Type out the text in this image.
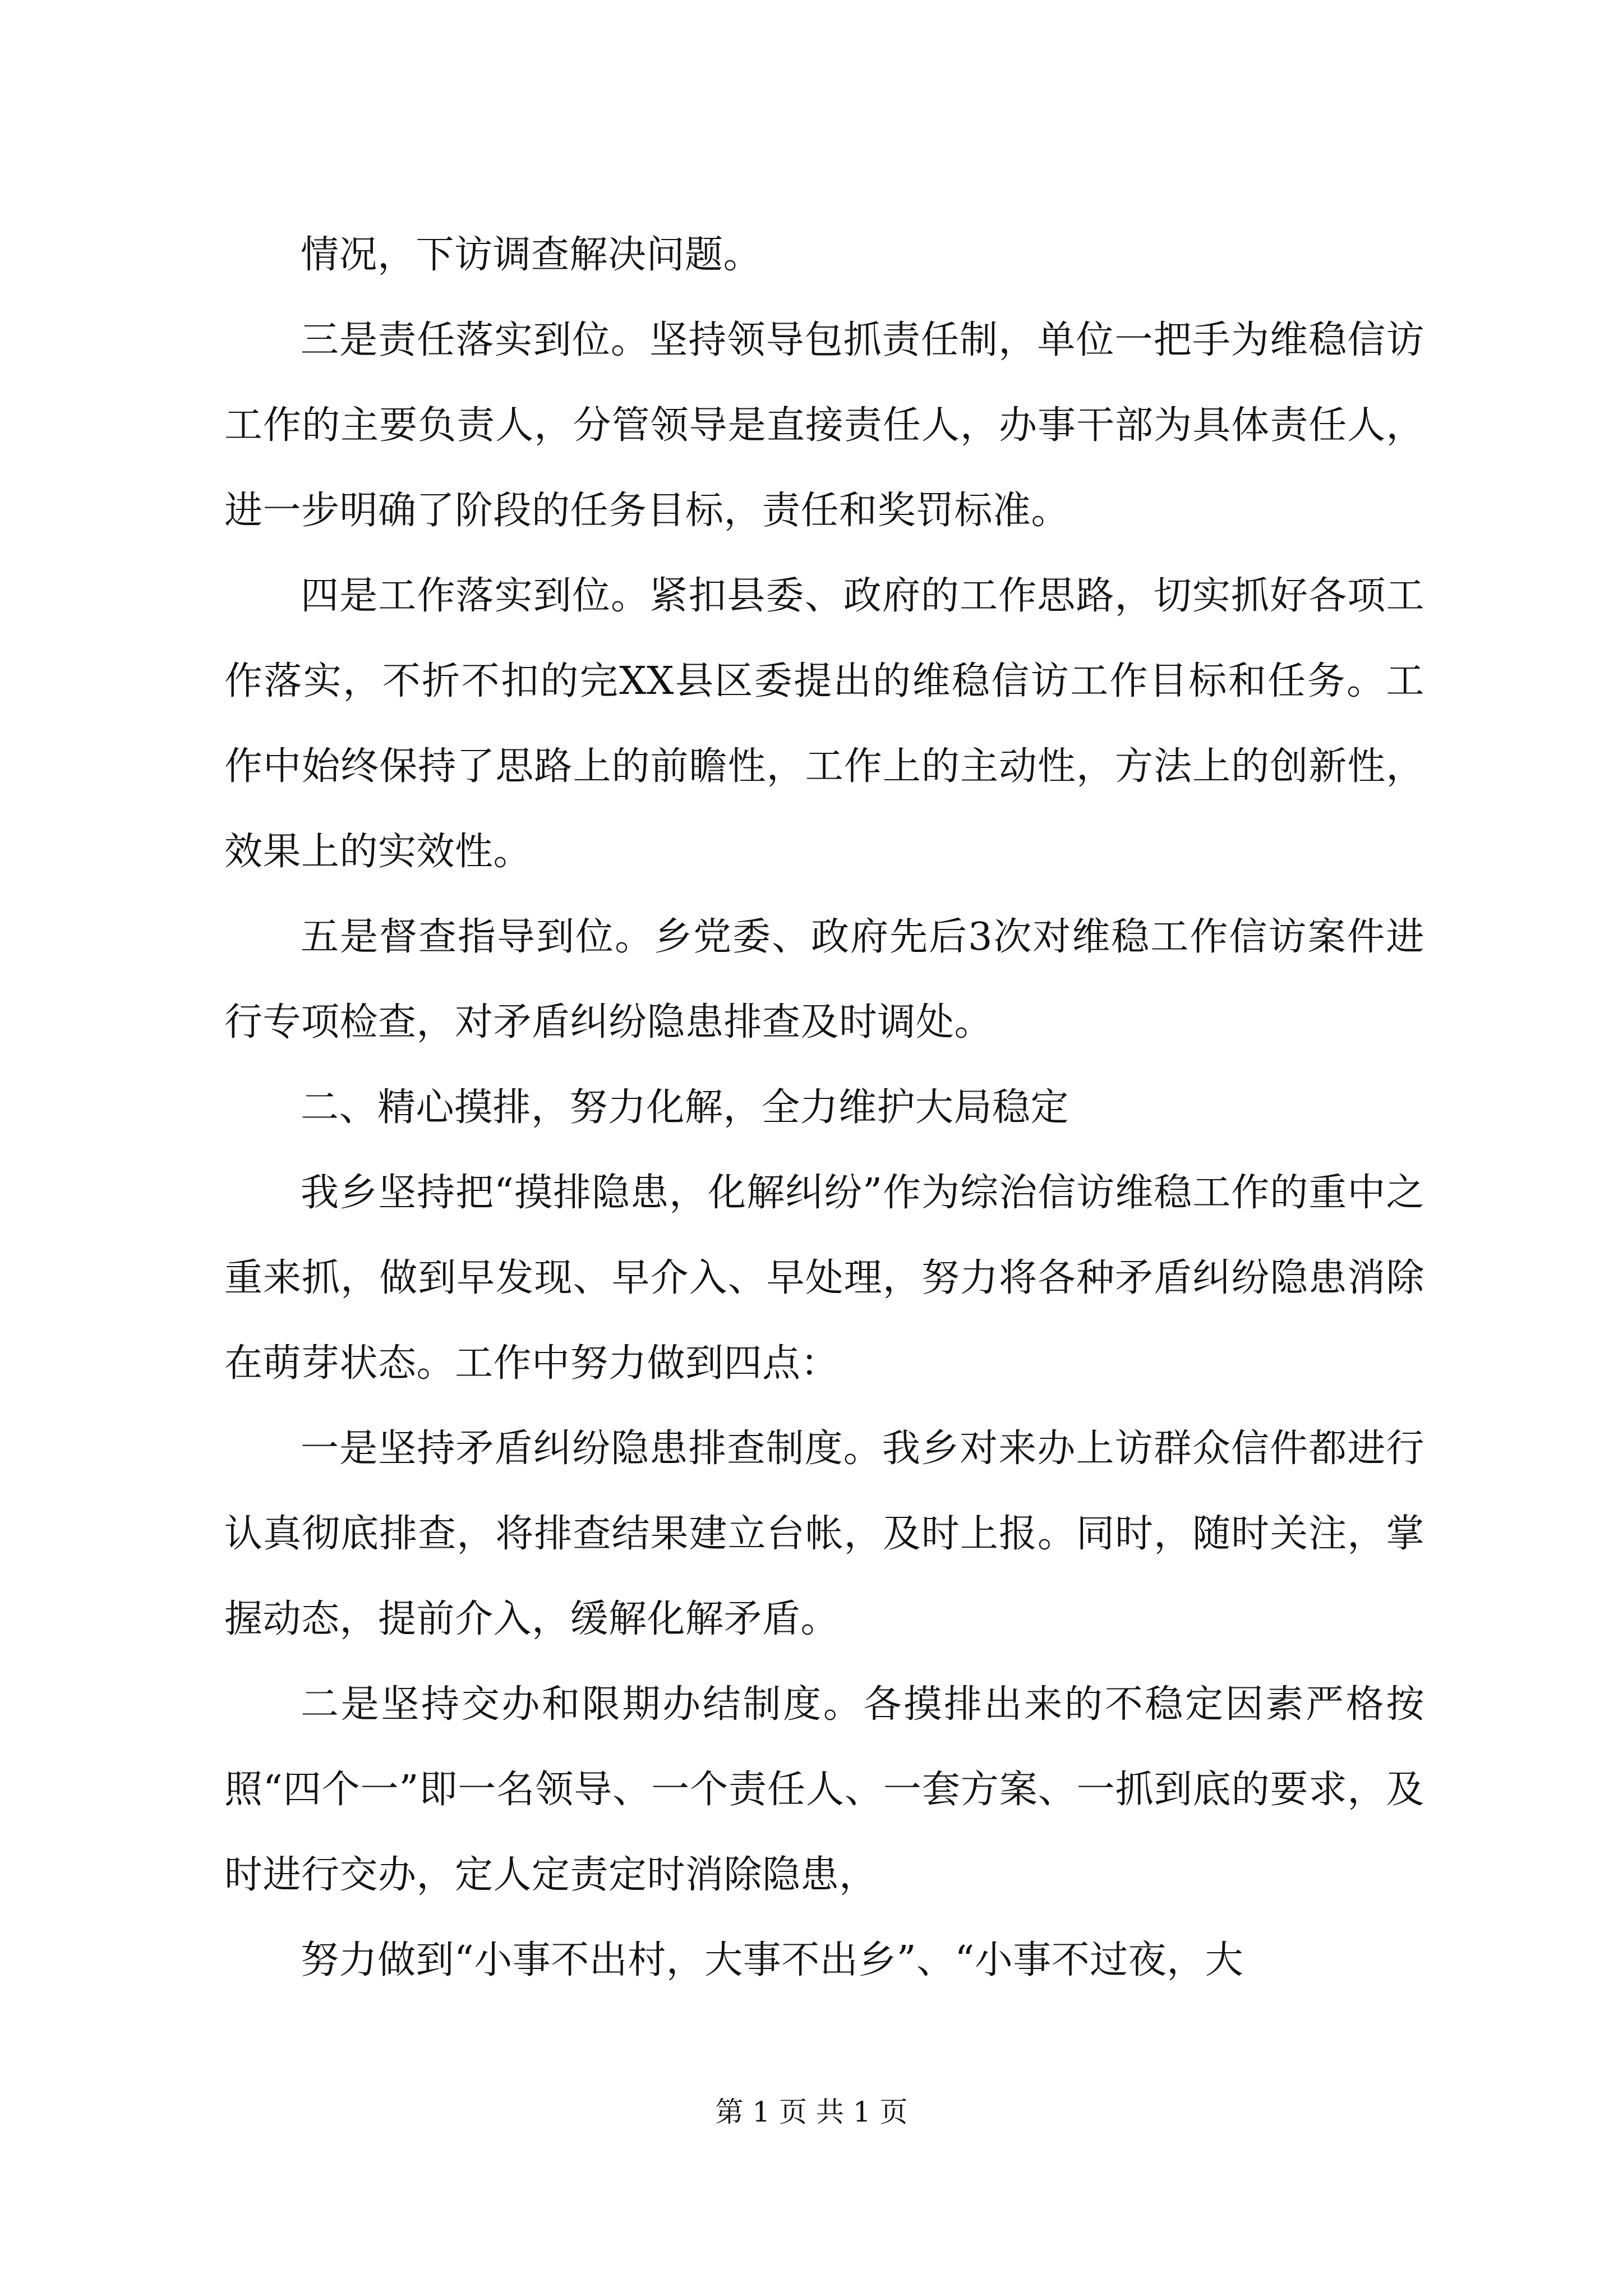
情况，下访调查解决问题。

三是责任落实到位。坚持领导包抓责任制，单位一把手为维稳信访工作的主要负责人，分管领导是直接责任人，办事干部为具体责任人，进一步明确了阶段的任务目标，责任和奖罚标准。

四是工作落实到位。紧扣县委、政府的工作思路，切实抓好各项工作落实，不折不扣的完XX县区委提出的维稳信访工作目标和任务。工作中始终保持了思路上的前瞻性，工作上的主动性，方法上的创新性，效果上的实效性。

五是督查指导到位。乡党委、政府先后3次对维稳工作信访案件进行专项检查，对矛盾纠纷隐患排查及时调处。

二、精心摸排，努力化解，全力维护大局稳定

我乡坚持把“摸排隐患，化解纠纷”作为综治信访维稳工作的重中之重来抓，做到早发现、早介入、早处理，努力将各种矛盾纠纷隐患消除在萌芽状态。工作中努力做到四点：

一是坚持矛盾纠纷隐患排查制度。我乡对来办上访群众信件都进行认真彻底排查，将排查结果建立台帐，及时上报。同时，随时关注，掌握动态，提前介入，缓解化解矛盾。

二是坚持交办和限期办结制度。各摸排出来的不稳定因素严格按照“四个一”即一名领导、一个责任人、一套方案、一抓到底的要求，及时进行交办，定人定责定时消除隐患，

努力做到“小事不出村，大事不出乡”、“小事不过夜，大

第 1 页 共 1 页
